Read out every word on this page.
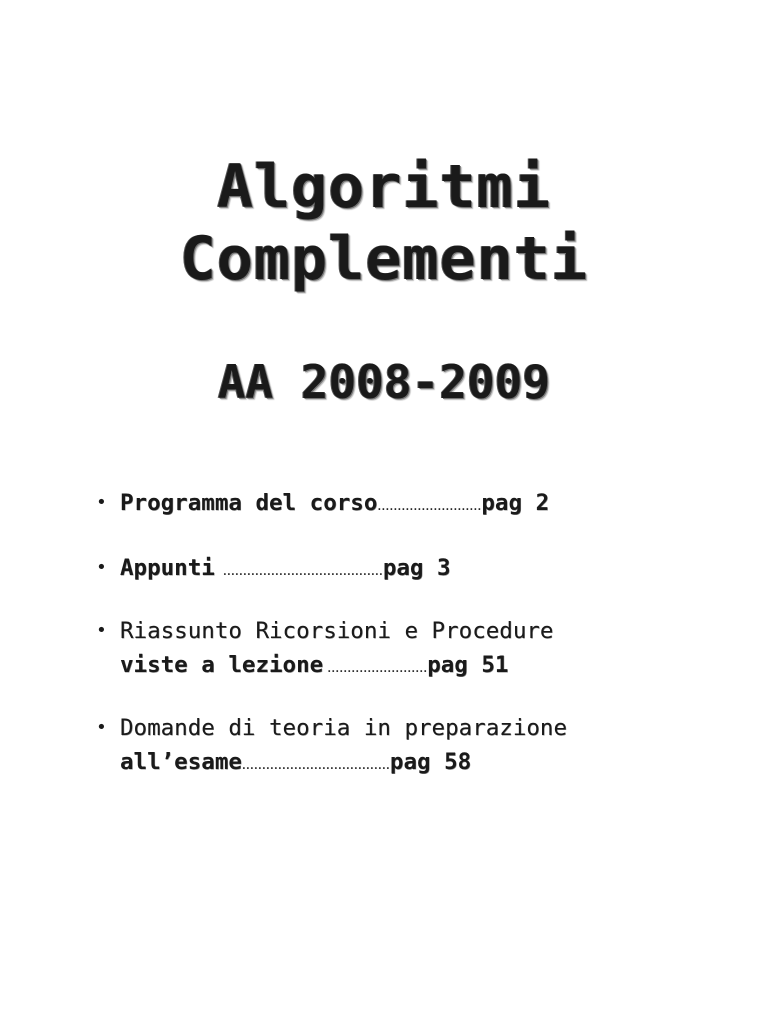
Algoritmi
Complementi
AA 2008-2009
• Programma del corso..........................pag 2
• Appunti  ........................................pag 3
• Riassunto Ricorsioni e Procedure
viste a lezione .........................pag 51
• Domande di teoria in preparazione
all’esame.....................................pag 58
